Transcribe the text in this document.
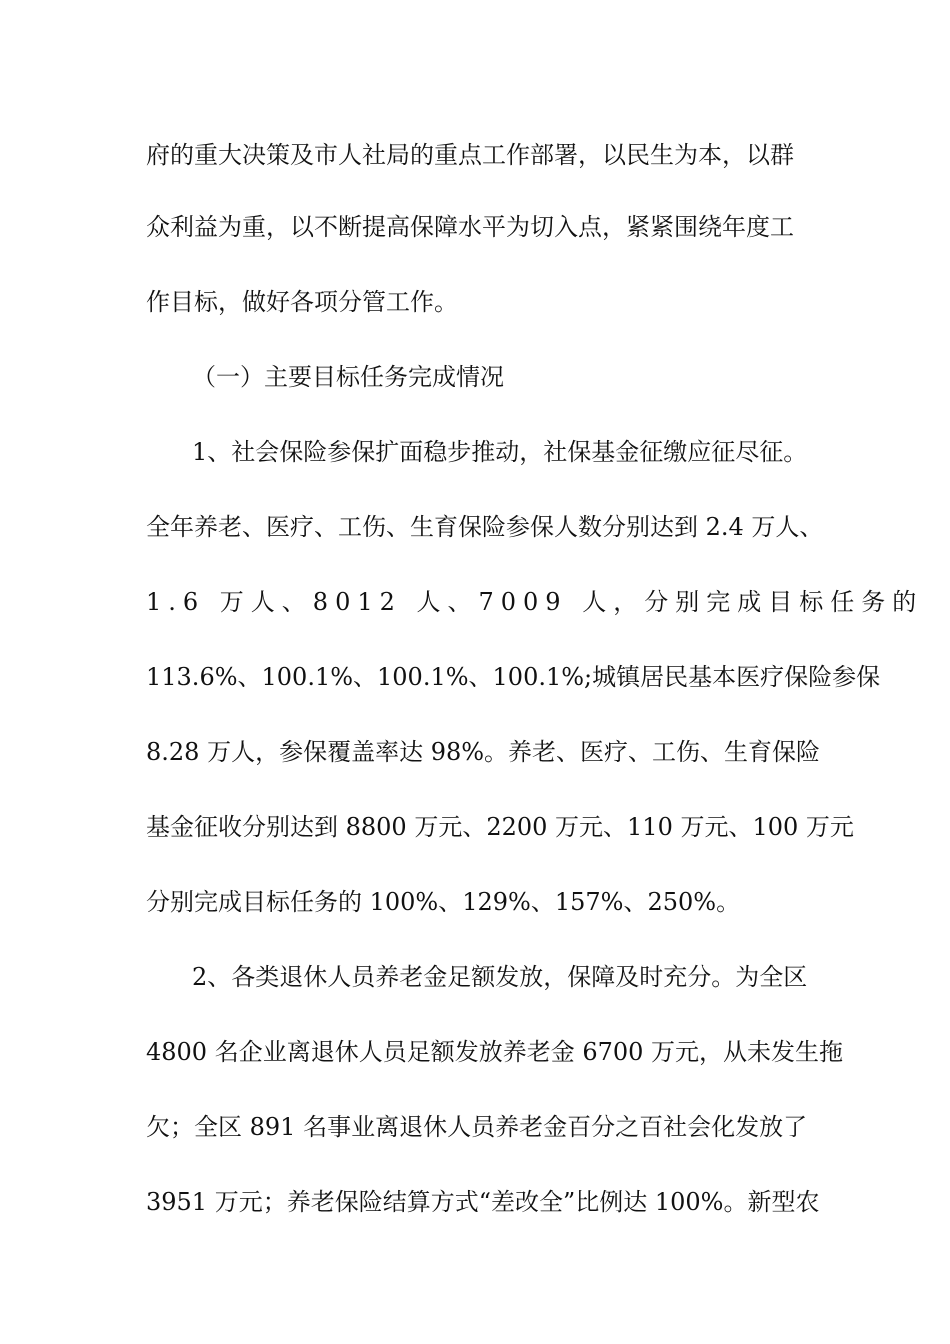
府的重大决策及市人社局的重点工作部署，以民生为本，以群
众利益为重，以不断提高保障水平为切入点，紧紧围绕年度工
作目标，做好各项分管工作。
（一）主要目标任务完成情况
1、社会保险参保扩面稳步推动，社保基金征缴应征尽征。
全年养老、医疗、工伤、生育保险参保人数分别达到 2.4 万人、
1.6 万人、8012 人、7009 人，分别完成目标任务的
113.6%、100.1%、100.1%、100.1%;城镇居民基本医疗保险参保
8.28 万人，参保覆盖率达 98%。养老、医疗、工伤、生育保险
基金征收分别达到 8800 万元、2200 万元、110 万元、100 万元
分别完成目标任务的 100%、129%、157%、250%。
2、各类退休人员养老金足额发放，保障及时充分。为全区
4800 名企业离退休人员足额发放养老金 6700 万元，从未发生拖
欠；全区 891 名事业离退休人员养老金百分之百社会化发放了
3951 万元；养老保险结算方式“差改全”比例达 100%。新型农
